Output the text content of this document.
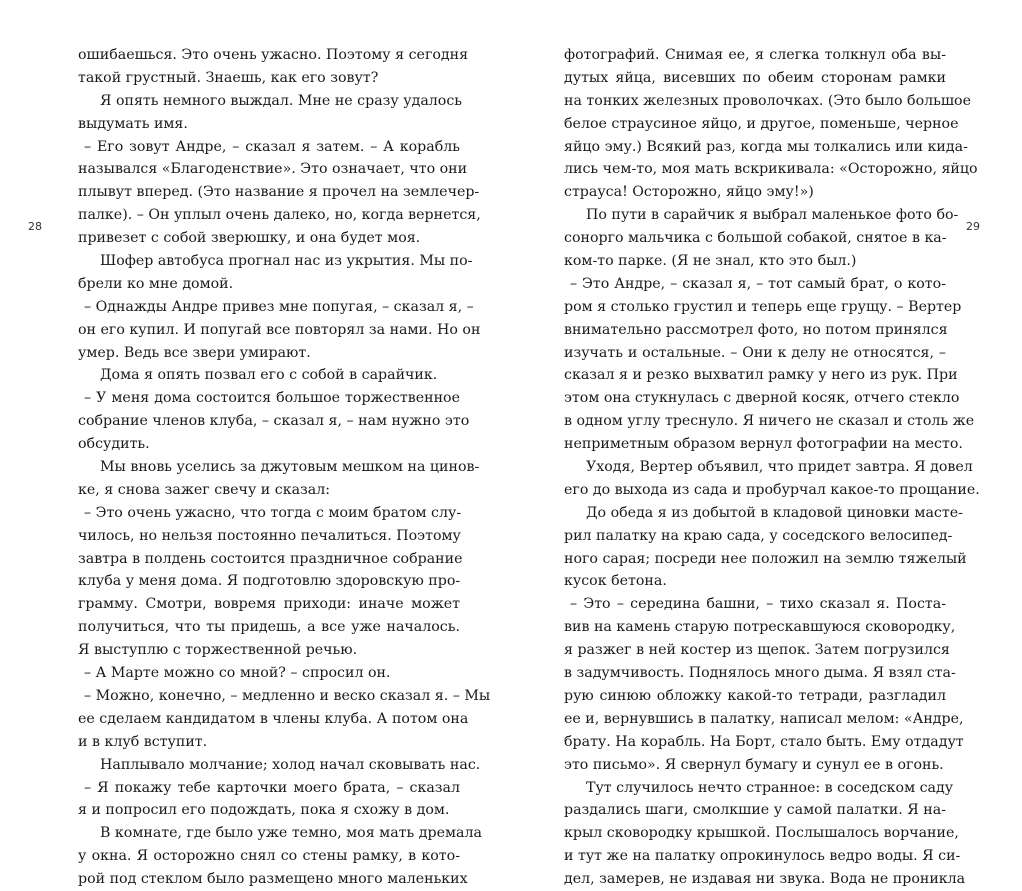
28	29
ошибаешься. Это очень ужасно. Поэтому я сегодня
такой грустный. Знаешь, как его зовут?
Я опять немного выждал. Мне не сразу удалось
выдумать имя.
– Его зовут Андре, – сказал я затем. – А корабль
назывался «Благоденствие». Это означает, что они
плывут вперед. (Это название я прочел на землечер-
палке). – Он уплыл очень далеко, но, когда вернется,
привезет с собой зверюшку, и она будет моя.
Шофер автобуса прогнал нас из укрытия. Мы по-
брели ко мне домой.
– Однажды Андре привез мне попугая, – сказал я, –
он его купил. И попугай все повторял за нами. Но он
умер. Ведь все звери умирают.
Дома я опять позвал его с собой в сарайчик.
– У меня дома состоится большое торжественное
собрание членов клуба, – сказал я, – нам нужно это
обсудить.
Мы вновь уселись за джутовым мешком на цинов-
ке, я снова зажег свечу и сказал:
– Это очень ужасно, что тогда с моим братом слу-
чилось, но нельзя постоянно печалиться. Поэтому
завтра в полдень состоится праздничное собрание
клуба у меня дома. Я подготовлю здоровскую про-
грамму. Смотри, вовремя приходи: иначе может
получиться, что ты придешь, а все уже началось.
Я выступлю с торжественной речью.
– А Марте можно со мной? – спросил он.
– Можно, конечно, – медленно и веско сказал я. – Мы
ее сделаем кандидатом в члены клуба. А потом она
и в клуб вступит.
Наплывало молчание; холод начал сковывать нас.
– Я покажу тебе карточки моего брата, – сказал
я и попросил его подождать, пока я схожу в дом.
В комнате, где было уже темно, моя мать дремала
у окна. Я осторожно снял со стены рамку, в кото-
рой под стеклом было размещено много маленьких
фотографий. Снимая ее, я слегка толкнул оба вы-
дутых яйца, висевших по обеим сторонам рамки
на тонких железных проволочках. (Это было большое
белое страусиное яйцо, и другое, поменьше, черное
яйцо эму.) Всякий раз, когда мы толкались или кида-
лись чем-то, моя мать вскрикивала: «Осторожно, яйцо
страуса! Осторожно, яйцо эму!»)
По пути в сарайчик я выбрал маленькое фото бо-
сонорго мальчика с большой собакой, снятое в ка-
ком-то парке. (Я не знал, кто это был.)
– Это Андре, – сказал я, – тот самый брат, о кото-
ром я столько грустил и теперь еще грущу. – Вертер
внимательно рассмотрел фото, но потом принялся
изучать и остальные. – Они к делу не относятся, –
сказал я и резко выхватил рамку у него из рук. При
этом она стукнулась с дверной косяк, отчего стекло
в одном углу треснуло. Я ничего не сказал и столь же
неприметным образом вернул фотографии на место.
Уходя, Вертер объявил, что придет завтра. Я довел
его до выхода из сада и пробурчал какое-то прощание.
До обеда я из добытой в кладовой циновки масте-
рил палатку на краю сада, у соседского велосипед-
ного сарая; посреди нее положил на землю тяжелый
кусок бетона.
– Это – середина башни, – тихо сказал я. Поста-
вив на камень старую потрескавшуюся сковородку,
я разжег в ней костер из щепок. Затем погрузился
в задумчивость. Поднялось много дыма. Я взял ста-
рую синюю обложку какой-то тетради, разгладил
ее и, вернувшись в палатку, написал мелом: «Андре,
брату. На корабль. На Борт, стало быть. Ему отдадут
это письмо». Я свернул бумагу и сунул ее в огонь.
Тут случилось нечто странное: в соседском саду
раздались шаги, смолкшие у самой палатки. Я на-
крыл сковородку крышкой. Послышалось ворчание,
и тут же на палатку опрокинулось ведро воды. Я си-
дел, замерев, не издавая ни звука. Вода не проникла
